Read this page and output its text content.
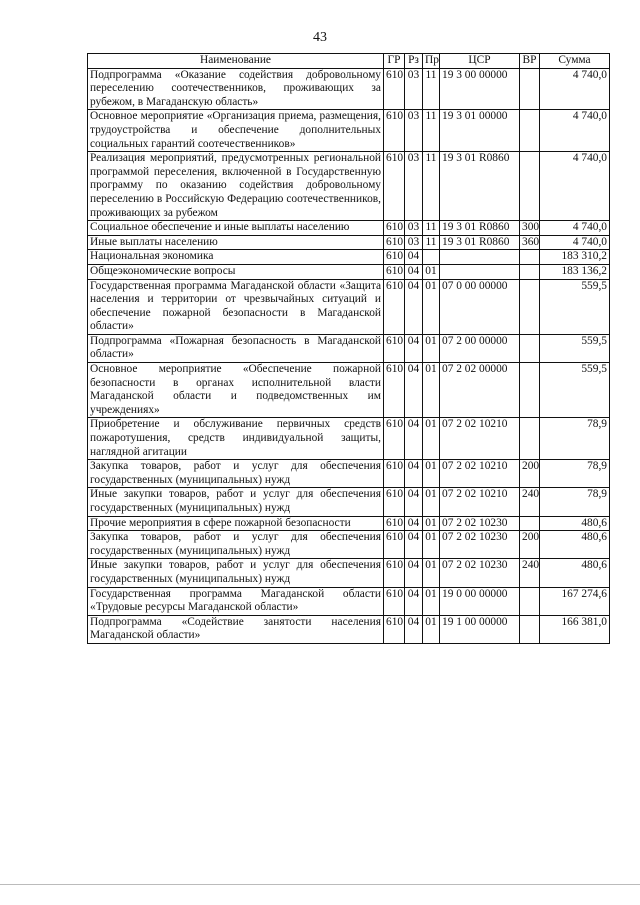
43
Наименование	ГР	Рз	Пр	ЦСР	ВР	Сумма
Подпрограмма «Оказание содействия добровольному переселению соотечественников, проживающих за рубежом, в Магаданскую область»	610	03	11	19 3 00 00000		4 740,0
Основное мероприятие «Организация приема, размещения, трудоустройства и обеспечение дополнительных социальных гарантий соотечественников»	610	03	11	19 3 01 00000		4 740,0
Реализация мероприятий, предусмотренных региональной программой переселения, включенной в Государственную программу по оказанию содействия добровольному переселению в Российскую Федерацию соотечественников, проживающих за рубежом	610	03	11	19 3 01 R0860		4 740,0
Социальное обеспечение и иные выплаты населению	610	03	11	19 3 01 R0860	300	4 740,0
Иные выплаты населению	610	03	11	19 3 01 R0860	360	4 740,0
Национальная экономика	610	04				183 310,2
Общеэкономические вопросы	610	04	01			183 136,2
Государственная программа Магаданской области «Защита населения и территории от чрезвычайных ситуаций и обеспечение пожарной безопасности в Магаданской области»	610	04	01	07 0 00 00000		559,5
Подпрограмма «Пожарная безопасность в Магаданской области»	610	04	01	07 2 00 00000		559,5
Основное мероприятие «Обеспечение пожарной безопасности в органах исполнительной власти Магаданской области и подведомственных им учреждениях»	610	04	01	07 2 02 00000		559,5
Приобретение и обслуживание первичных средств пожаротушения, средств индивидуальной защиты, наглядной агитации	610	04	01	07 2 02 10210		78,9
Закупка товаров, работ и услуг для обеспечения государственных (муниципальных) нужд	610	04	01	07 2 02 10210	200	78,9
Иные закупки товаров, работ и услуг для обеспечения государственных (муниципальных) нужд	610	04	01	07 2 02 10210	240	78,9
Прочие мероприятия в сфере пожарной безопасности	610	04	01	07 2 02 10230		480,6
Закупка товаров, работ и услуг для обеспечения государственных (муниципальных) нужд	610	04	01	07 2 02 10230	200	480,6
Иные закупки товаров, работ и услуг для обеспечения государственных (муниципальных) нужд	610	04	01	07 2 02 10230	240	480,6
Государственная программа Магаданской области «Трудовые ресурсы Магаданской области»	610	04	01	19 0 00 00000		167 274,6
Подпрограмма «Содействие занятости населения Магаданской области»	610	04	01	19 1 00 00000		166 381,0
